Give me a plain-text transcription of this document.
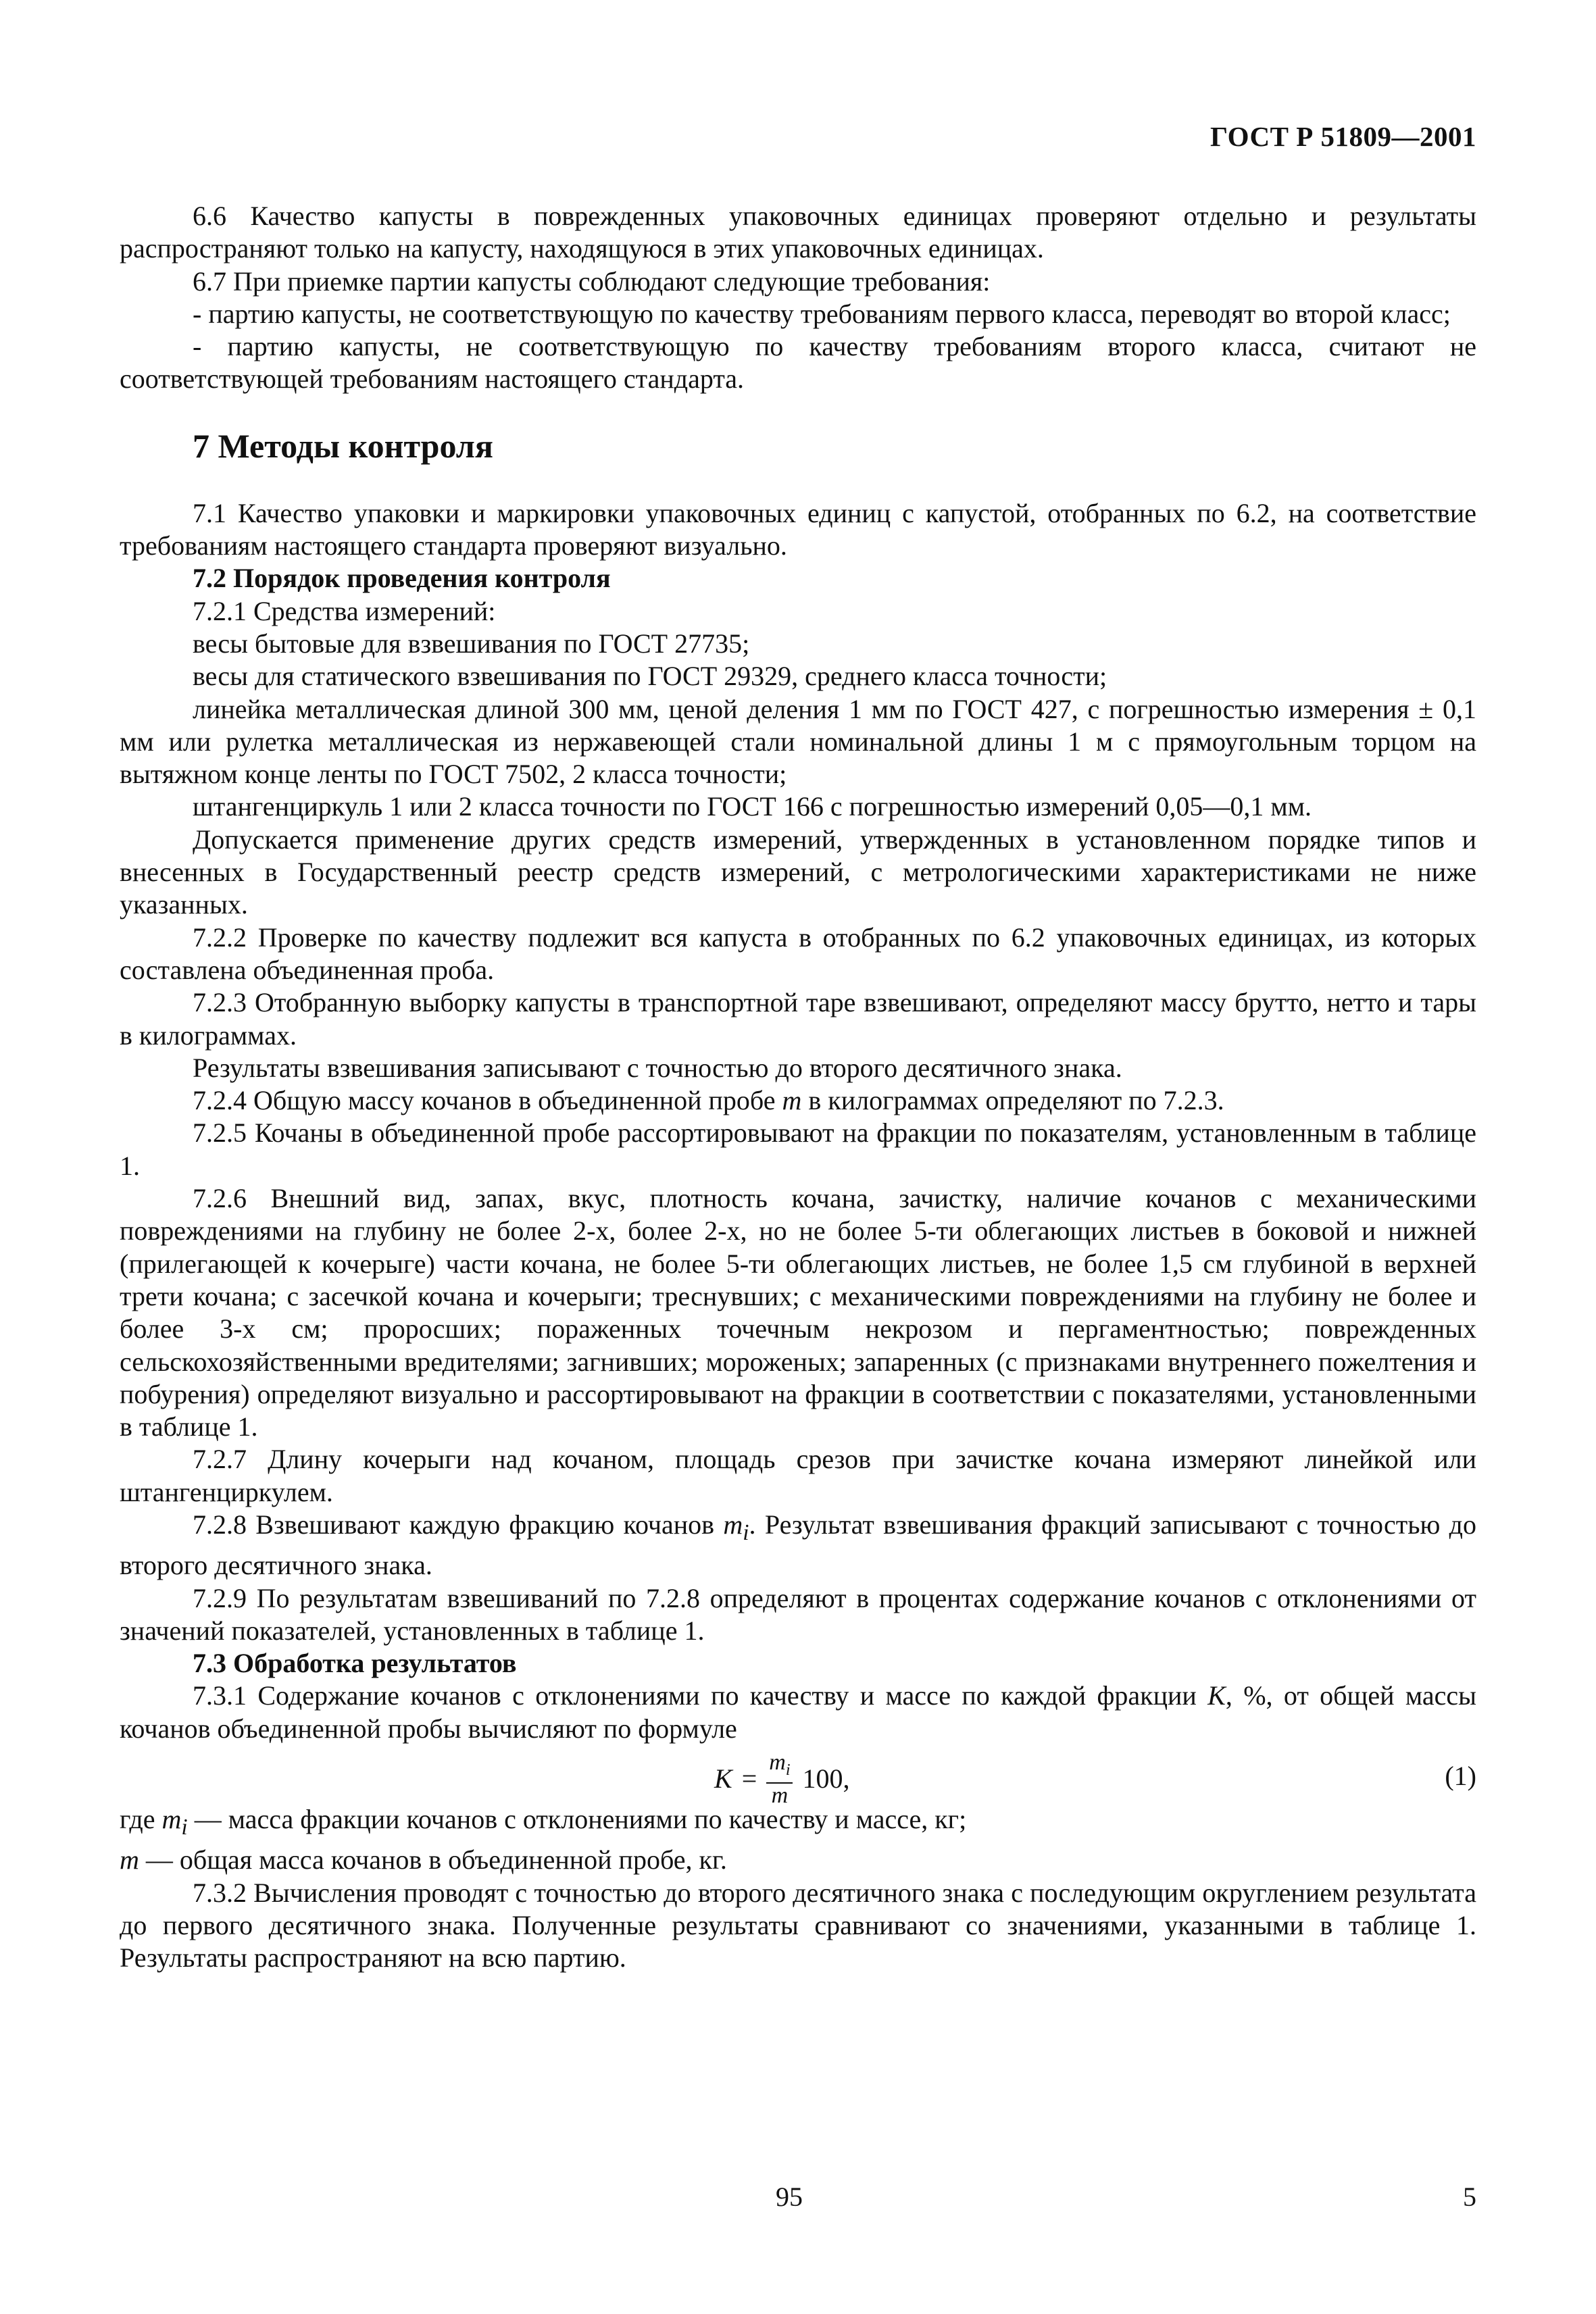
ГОСТ Р 51809—2001

6.6 Качество капусты в поврежденных упаковочных единицах проверяют отдельно и результаты распространяют только на капусту, находящуюся в этих упаковочных единицах.

6.7 При приемке партии капусты соблюдают следующие требования:

- партию капусты, не соответствующую по качеству требованиям первого класса, переводят во второй класс;

- партию капусты, не соответствующую по качеству требованиям второго класса, считают не соответствующей требованиям настоящего стандарта.

7 Методы контроля

7.1 Качество упаковки и маркировки упаковочных единиц с капустой, отобранных по 6.2, на соответствие требованиям настоящего стандарта проверяют визуально.

7.2 Порядок проведения контроля

7.2.1 Средства измерений:

весы бытовые для взвешивания по ГОСТ 27735;

весы для статического взвешивания по ГОСТ 29329, среднего класса точности;

линейка металлическая длиной 300 мм, ценой деления 1 мм по ГОСТ 427, с погрешностью измерения ± 0,1 мм или рулетка металлическая из нержавеющей стали номинальной длины 1 м с прямоугольным торцом на вытяжном конце ленты по ГОСТ 7502, 2 класса точности;

штангенциркуль 1 или 2 класса точности по ГОСТ 166 с погрешностью измерений 0,05—0,1 мм.

Допускается применение других средств измерений, утвержденных в установленном порядке типов и внесенных в Государственный реестр средств измерений, с метрологическими характеристиками не ниже указанных.

7.2.2 Проверке по качеству подлежит вся капуста в отобранных по 6.2 упаковочных единицах, из которых составлена объединенная проба.

7.2.3 Отобранную выборку капусты в транспортной таре взвешивают, определяют массу брутто, нетто и тары в килограммах.

Результаты взвешивания записывают с точностью до второго десятичного знака.

7.2.4 Общую массу кочанов в объединенной пробе m в килограммах определяют по 7.2.3.

7.2.5 Кочаны в объединенной пробе рассортировывают на фракции по показателям, установленным в таблице 1.

7.2.6 Внешний вид, запах, вкус, плотность кочана, зачистку, наличие кочанов с механическими повреждениями на глубину не более 2-х, более 2-х, но не более 5-ти облегающих листьев в боковой и нижней (прилегающей к кочерыге) части кочана, не более 5-ти облегающих листьев, не более 1,5 см глубиной в верхней трети кочана; с засечкой кочана и кочерыги; треснувших; с механическими повреждениями на глубину не более и более 3-х см; проросших; пораженных точечным некрозом и пергаментностью; поврежденных сельскохозяйственными вредителями; загнивших; мороженых; запаренных (с признаками внутреннего пожелтения и побурения) определяют визуально и рассортировывают на фракции в соответствии с показателями, установленными в таблице 1.

7.2.7 Длину кочерыги над кочаном, площадь срезов при зачистке кочана измеряют линейкой или штангенциркулем.

7.2.8 Взвешивают каждую фракцию кочанов $m_i$. Результат взвешивания фракций записывают с точностью до второго десятичного знака.

7.2.9 По результатам взвешиваний по 7.2.8 определяют в процентах содержание кочанов с отклонениями от значений показателей, установленных в таблице 1.

7.3 Обработка результатов

7.3.1 Содержание кочанов с отклонениями по качеству и массе по каждой фракции K, %, от общей массы кочанов объединенной пробы вычисляют по формуле

$K = \frac{m_i}{m} 100$,	(1)

где $m_i$ — масса фракции кочанов с отклонениями по качеству и массе, кг;

m — общая масса кочанов в объединенной пробе, кг.

7.3.2 Вычисления проводят с точностью до второго десятичного знака с последующим округлением результата до первого десятичного знака. Полученные результаты сравнивают со значениями, указанными в таблице 1. Результаты распространяют на всю партию.

95	5
